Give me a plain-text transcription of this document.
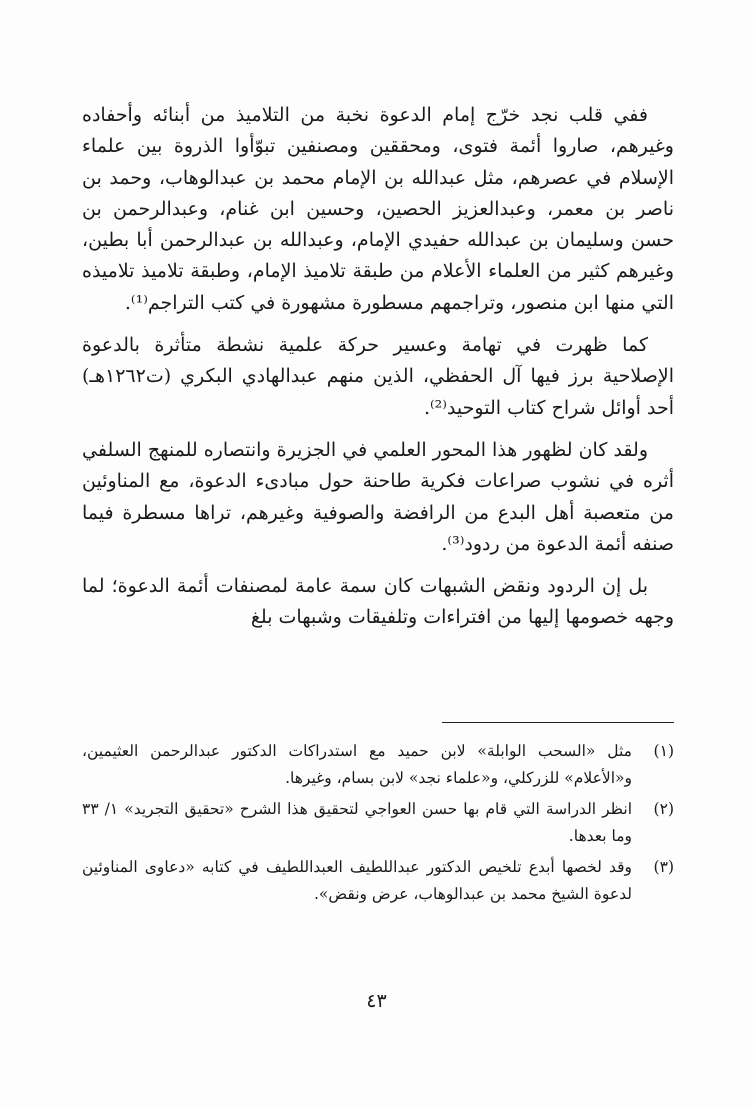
ففي قلب نجد خرّج إمام الدعوة نخبة من التلاميذ من أبنائه وأحفاده وغيرهم، صاروا أئمة فتوى، ومحققين ومصنفين تبوّأوا الذروة بين علماء الإسلام في عصرهم، مثل عبدالله بن الإمام محمد بن عبدالوهاب، وحمد بن ناصر بن معمر، وعبدالعزيز الحصين، وحسين ابن غنام، وعبدالرحمن بن حسن وسليمان بن عبدالله حفيدي الإمام، وعبدالله بن عبدالرحمن أبا بطين، وغيرهم كثير من العلماء الأعلام من طبقة تلاميذ الإمام، وطبقة تلاميذ تلاميذه التي منها ابن منصور، وتراجمهم مسطورة مشهورة في كتب التراجم⁽¹⁾.

كما ظهرت في تهامة وعسير حركة علمية نشطة متأثرة بالدعوة الإصلاحية برز فيها آل الحفظي، الذين منهم عبدالهادي البكري (ت١٢٦٢هـ) أحد أوائل شراح كتاب التوحيد⁽²⁾.

ولقد كان لظهور هذا المحور العلمي في الجزيرة وانتصاره للمنهج السلفي أثره في نشوب صراعات فكرية طاحنة حول مبادىء الدعوة، مع المناوئين من متعصبة أهل البدع من الرافضة والصوفية وغيرهم، تراها مسطرة فيما صنفه أئمة الدعوة من ردود⁽³⁾.

بل إن الردود ونقض الشبهات كان سمة عامة لمصنفات أئمة الدعوة؛ لما وجهه خصومها إليها من افتراءات وتلفيقات وشبهات بلغ

(١)
مثل «السحب الوابلة» لابن حميد مع استدراكات الدكتور عبدالرحمن العثيمين، و«الأعلام» للزركلي، و«علماء نجد» لابن بسام، وغيرها.
(٢)
انظر الدراسة التي قام بها حسن العواجي لتحقيق هذا الشرح «تحقيق التجريد» ١/ ٣٣ وما بعدها.
(٣)
وقد لخصها أبدع تلخيص الدكتور عبداللطيف العبداللطيف في كتابه «دعاوى المناوئين لدعوة الشيخ محمد بن عبدالوهاب، عرض ونقض».
٤٣
